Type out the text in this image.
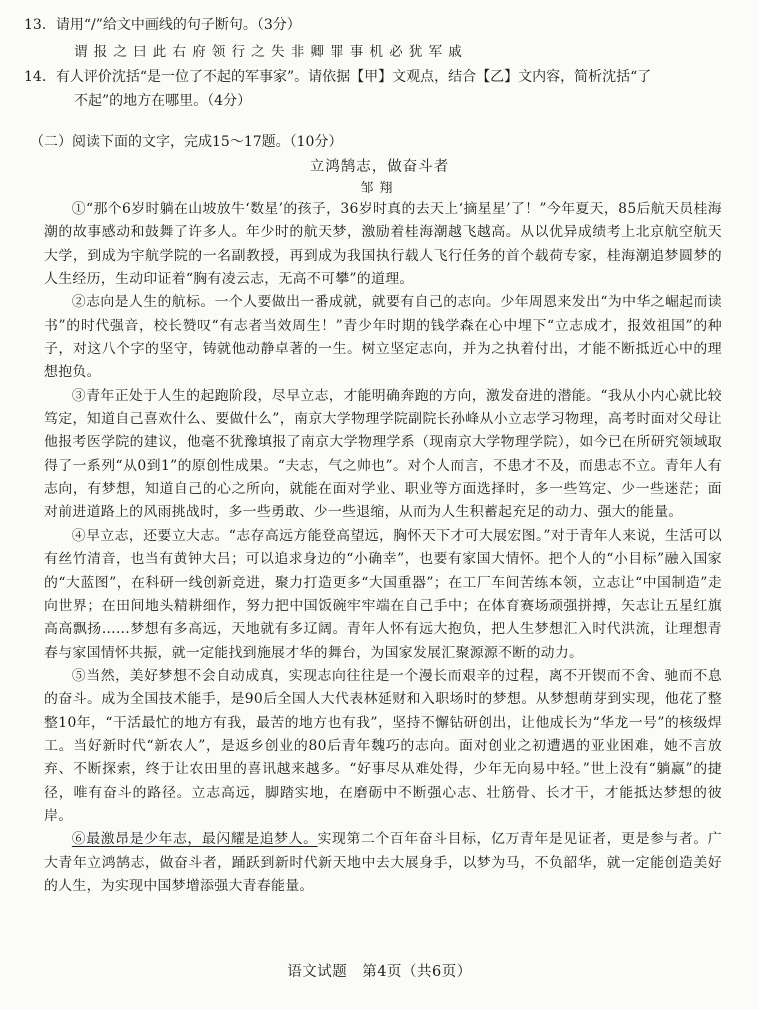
13．请用“/”给文中画线的句子断句。（3分）
谓报之曰此右府领行之失非卿罪事机必犹军戚
14．有人评价沈括“是一位了不起的军事家”。请依据【甲】文观点，结合【乙】文内容，简析沈括“了
不起”的地方在哪里。（4分）
（二）阅读下面的文字，完成15～17题。（10分）
立鸿鹄志，做奋斗者
邹翔

①“那个6岁时躺在山坡放牛‘数星’的孩子，36岁时真的去天上‘摘星星’了！”今年夏天，85后航天员桂海潮的故事感动和鼓舞了许多人。年少时的航天梦，激励着桂海潮越飞越高。从以优异成绩考上北京航空航天大学，到成为宇航学院的一名副教授，再到成为我国执行载人飞行任务的首个载荷专家，桂海潮追梦圆梦的人生经历，生动印证着“胸有凌云志，无高不可攀”的道理。

②志向是人生的航标。一个人要做出一番成就，就要有自己的志向。少年周恩来发出“为中华之崛起而读书”的时代强音，校长赞叹“有志者当效周生！”青少年时期的钱学森在心中埋下“立志成才，报效祖国”的种子，对这八个字的坚守，铸就他动静卓著的一生。树立坚定志向，并为之执着付出，才能不断抵近心中的理想抱负。

③青年正处于人生的起跑阶段，尽早立志，才能明确奔跑的方向，激发奋进的潜能。“我从小内心就比较笃定，知道自己喜欢什么、要做什么”，南京大学物理学院副院长孙峰从小立志学习物理，高考时面对父母让他报考医学院的建议，他毫不犹豫填报了南京大学物理学系（现南京大学物理学院），如今已在所研究领域取得了一系列“从0到1”的原创性成果。“夫志，气之帅也”。对个人而言，不患才不及，而患志不立。青年人有志向，有梦想，知道自己的心之所向，就能在面对学业、职业等方面选择时，多一些笃定、少一些迷茫；面对前进道路上的风雨挑战时，多一些勇敢、少一些退缩，从而为人生积蓄起充足的动力、强大的能量。

④早立志，还要立大志。“志存高远方能登高望远，胸怀天下才可大展宏图。”对于青年人来说，生活可以有丝竹清音，也当有黄钟大吕；可以追求身边的“小确幸”，也要有家国大情怀。把个人的“小目标”融入国家的“大蓝图”，在科研一线创新竞进，聚力打造更多“大国重器”；在工厂车间苦练本领，立志让“中国制造”走向世界；在田间地头精耕细作，努力把中国饭碗牢牢端在自己手中；在体育赛场顽强拼搏，矢志让五星红旗高高飘扬……梦想有多高远，天地就有多辽阔。青年人怀有远大抱负，把人生梦想汇入时代洪流，让理想青春与家国情怀共振，就一定能找到施展才华的舞台，为国家发展汇聚源源不断的动力。

⑤当然，美好梦想不会自动成真，实现志向往往是一个漫长而艰辛的过程，离不开锲而不舍、驰而不息的奋斗。成为全国技术能手，是90后全国人大代表林延财和入职场时的梦想。从梦想萌芽到实现，他花了整整10年，“干活最忙的地方有我，最苦的地方也有我”，坚持不懈钻研创出，让他成长为“华龙一号”的核级焊工。当好新时代“新农人”，是返乡创业的80后青年魏巧的志向。面对创业之初遭遇的亚业困难，她不言放弃、不断探索，终于让农田里的喜讯越来越多。“好事尽从难处得，少年无向易中轻。”世上没有“躺赢”的捷径，唯有奋斗的路径。立志高远，脚踏实地，在磨砺中不断强心志、壮筋骨、长才干，才能抵达梦想的彼岸。

⑥最激昂是少年志，最闪耀是追梦人。实现第二个百年奋斗目标，亿万青年是见证者，更是参与者。广大青年立鸿鹄志，做奋斗者，踊跃到新时代新天地中去大展身手，以梦为马，不负韶华，就一定能创造美好的人生，为实现中国梦增添强大青春能量。

语文试题　第4页（共6页）
